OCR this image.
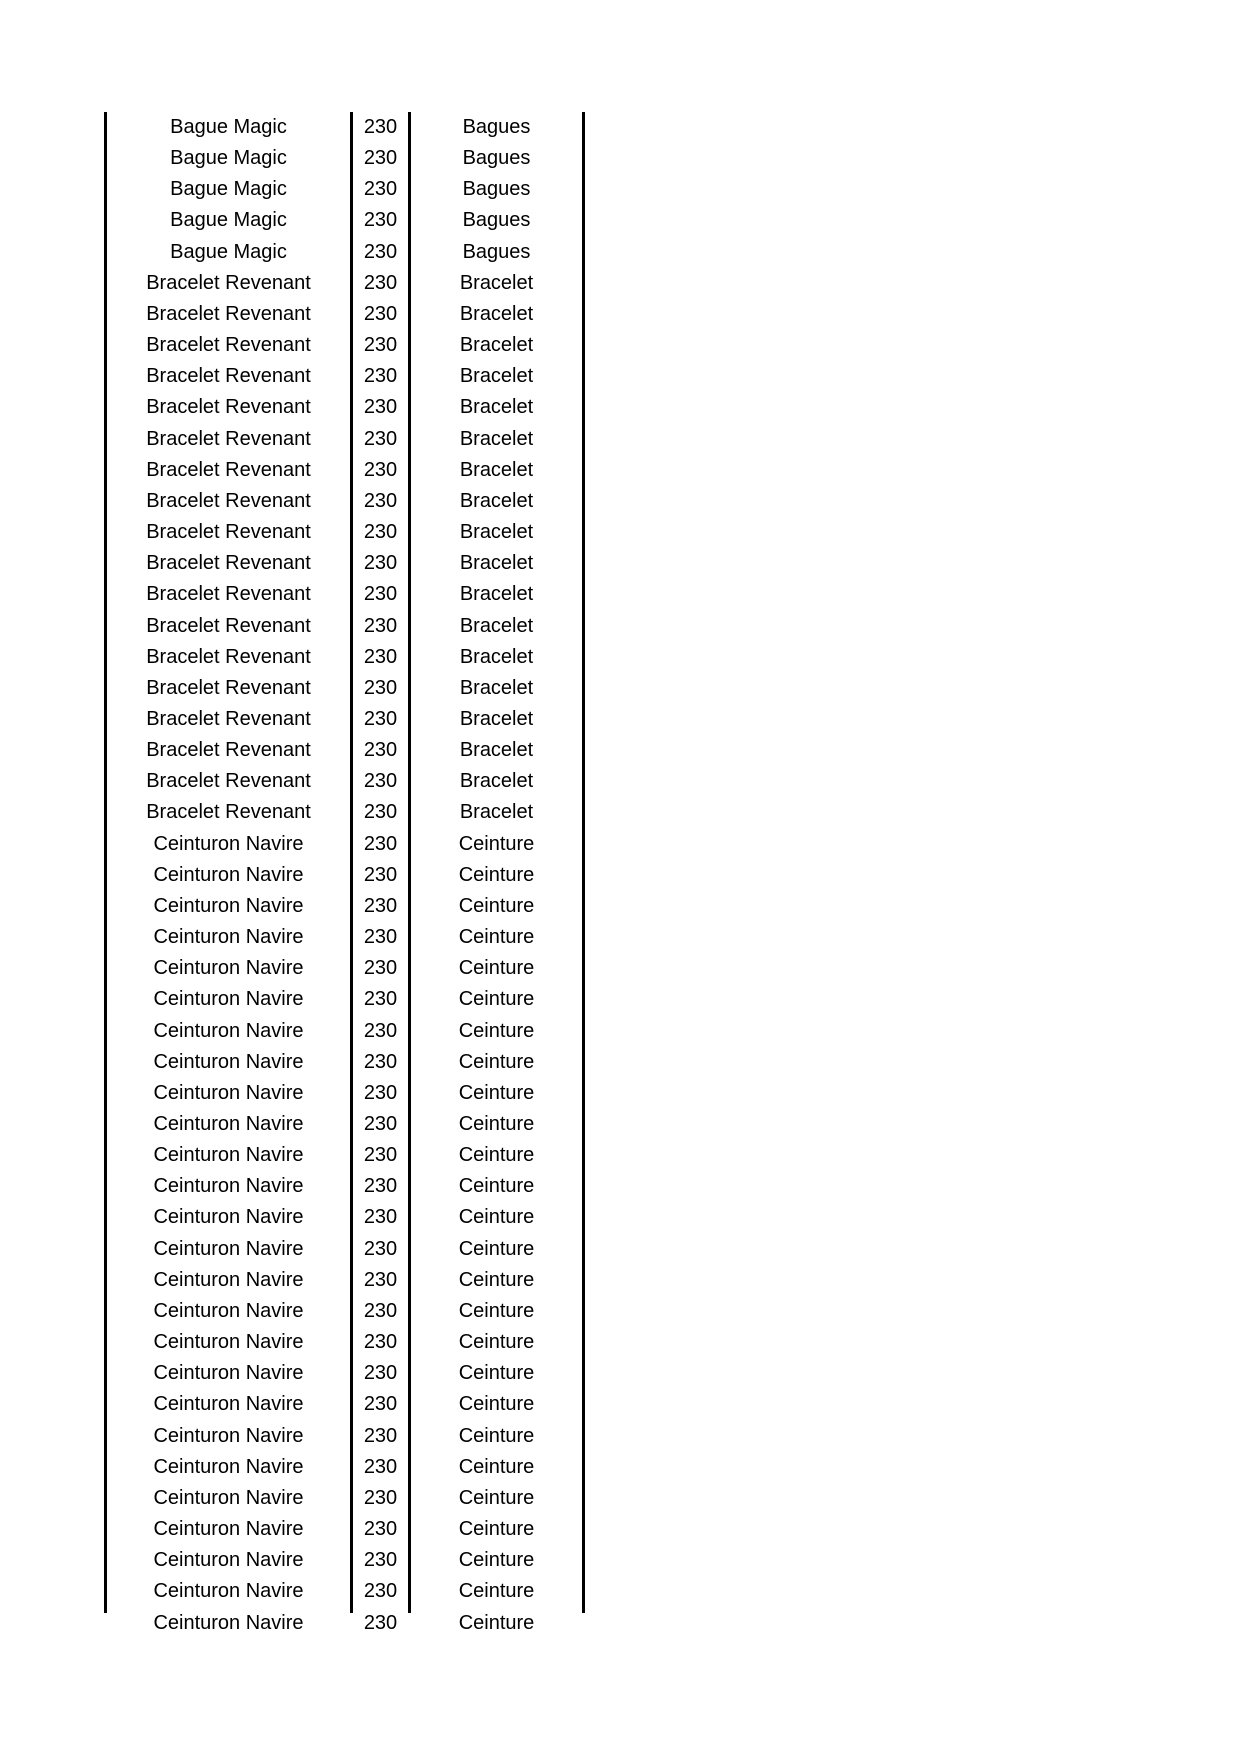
Bague Magic	230	Bagues
Bague Magic	230	Bagues
Bague Magic	230	Bagues
Bague Magic	230	Bagues
Bague Magic	230	Bagues
Bracelet Revenant	230	Bracelet
Bracelet Revenant	230	Bracelet
Bracelet Revenant	230	Bracelet
Bracelet Revenant	230	Bracelet
Bracelet Revenant	230	Bracelet
Bracelet Revenant	230	Bracelet
Bracelet Revenant	230	Bracelet
Bracelet Revenant	230	Bracelet
Bracelet Revenant	230	Bracelet
Bracelet Revenant	230	Bracelet
Bracelet Revenant	230	Bracelet
Bracelet Revenant	230	Bracelet
Bracelet Revenant	230	Bracelet
Bracelet Revenant	230	Bracelet
Bracelet Revenant	230	Bracelet
Bracelet Revenant	230	Bracelet
Bracelet Revenant	230	Bracelet
Bracelet Revenant	230	Bracelet
Ceinturon Navire	230	Ceinture
Ceinturon Navire	230	Ceinture
Ceinturon Navire	230	Ceinture
Ceinturon Navire	230	Ceinture
Ceinturon Navire	230	Ceinture
Ceinturon Navire	230	Ceinture
Ceinturon Navire	230	Ceinture
Ceinturon Navire	230	Ceinture
Ceinturon Navire	230	Ceinture
Ceinturon Navire	230	Ceinture
Ceinturon Navire	230	Ceinture
Ceinturon Navire	230	Ceinture
Ceinturon Navire	230	Ceinture
Ceinturon Navire	230	Ceinture
Ceinturon Navire	230	Ceinture
Ceinturon Navire	230	Ceinture
Ceinturon Navire	230	Ceinture
Ceinturon Navire	230	Ceinture
Ceinturon Navire	230	Ceinture
Ceinturon Navire	230	Ceinture
Ceinturon Navire	230	Ceinture
Ceinturon Navire	230	Ceinture
Ceinturon Navire	230	Ceinture
Ceinturon Navire	230	Ceinture
Ceinturon Navire	230	Ceinture
Ceinturon Navire	230	Ceinture
